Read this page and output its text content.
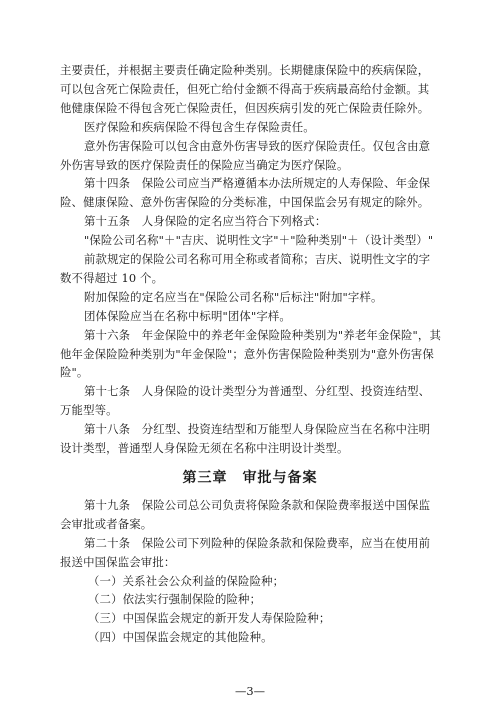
主要责任，并根据主要责任确定险种类别。长期健康保险中的疾病保险，
可以包含死亡保险责任，但死亡给付金额不得高于疾病最高给付金额。其
他健康保险不得包含死亡保险责任，但因疾病引发的死亡保险责任除外。
医疗保险和疾病保险不得包含生存保险责任。
意外伤害保险可以包含由意外伤害导致的医疗保险责任。仅包含由意
外伤害导致的医疗保险责任的保险应当确定为医疗保险。
第十四条　保险公司应当严格遵循本办法所规定的人寿保险、年金保
险、健康保险、意外伤害保险的分类标准，中国保监会另有规定的除外。
第十五条　人身保险的定名应当符合下列格式：
"保险公司名称"＋"吉庆、说明性文字"＋"险种类别"＋（设计类型）"
前款规定的保险公司名称可用全称或者简称；吉庆、说明性文字的字
数不得超过 10 个。
附加保险的定名应当在"保险公司名称"后标注"附加"字样。
团体保险应当在名称中标明"团体"字样。
第十六条　年金保险中的养老年金保险险种类别为"养老年金保险"，其
他年金保险险种类别为"年金保险"；意外伤害保险险种类别为"意外伤害保
险"。
第十七条　人身保险的设计类型分为普通型、分红型、投资连结型、
万能型等。
第十八条　分红型、投资连结型和万能型人身保险应当在名称中注明
设计类型，普通型人身保险无须在名称中注明设计类型。
第三章　审批与备案
第十九条　保险公司总公司负责将保险条款和保险费率报送中国保监
会审批或者备案。
第二十条　保险公司下列险种的保险条款和保险费率，应当在使用前
报送中国保监会审批：
（一）关系社会公众利益的保险险种；
（二）依法实行强制保险的险种；
（三）中国保监会规定的新开发人寿保险险种；
（四）中国保监会规定的其他险种。
—3—
